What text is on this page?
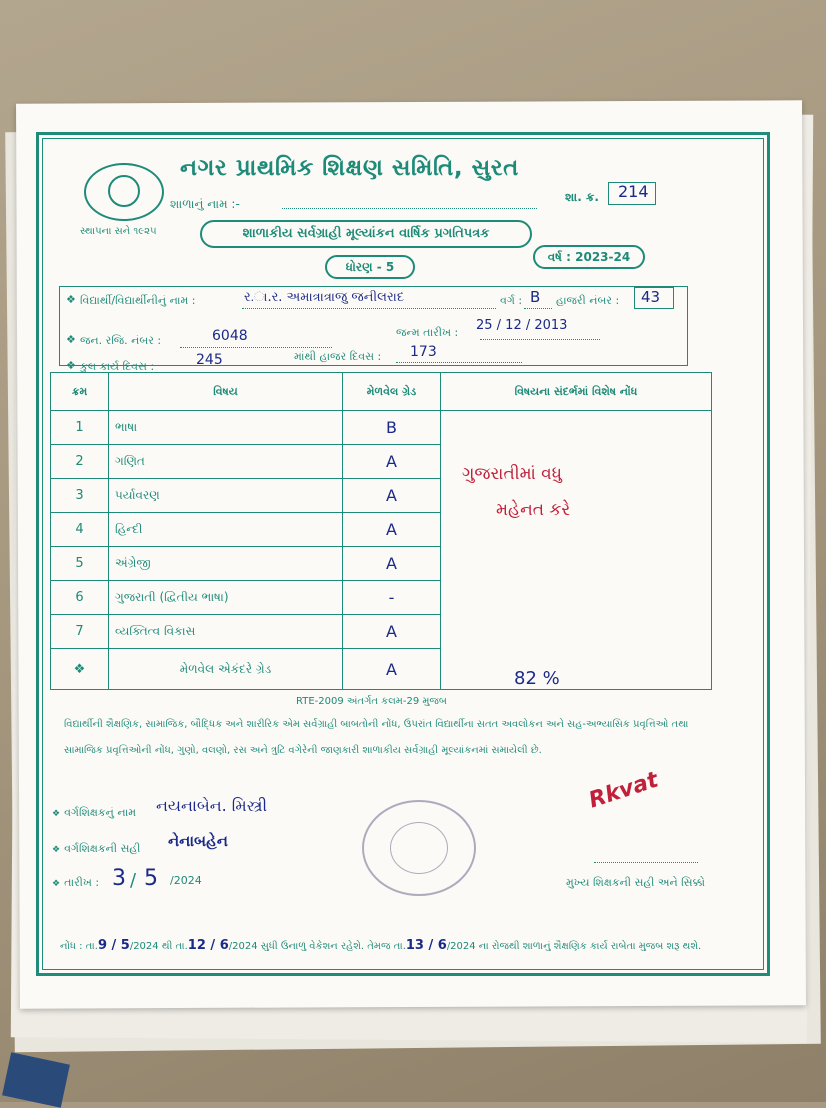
સ્થાપના સને ૧૯૨૫
નગર પ્રાથમિક શિક્ષણ સમિતિ, સુરત
શાળાનું નામ :-	શા. ક્ર. 214
શાળાકીય સર્વગ્રાહી મૂલ્યાંકન વાર્ષિક પ્રગતિપત્રક
ધોરણ - 5
વર્ષ : 2023-24
❖ વિદ્યાર્થી/વિદ્યાર્થીનીનું નામ :	ર.ા.ર. અમાત્રાત્રાજુ જનીલરાદ	વર્ગ : B હાજરી નંબર : 43
❖ જન. રજિ. નંબર :	6048	જન્મ તારીખ : 25 / 12 / 2013
❖ કુલ કાર્ય દિવસ :	245	માંથી હાજર દિવસ : 173
ક્રમ	વિષય	મેળવેલ ગ્રેડ	વિષયના સંદર્ભમાં વિશેષ નોંધ
1	ભાષા	B	
2	ગણિત	A	
3	પર્યાવરણ	A	
4	હિન્દી	A	
5	અંગ્રેજી	A	
6	ગુજરાતી (દ્વિતીય ભાષા)	-	
7	વ્યક્તિત્વ વિકાસ	A	
❖	મેળવેલ એકંદરે ગ્રેડ	A	
ગુજરાતીમાં વધુ
મહેનત કરે
82 %
RTE-2009 અંતર્ગત કલમ-29 મુજબ
વિદ્યાર્થીની શૈક્ષણિક, સામાજિક, બૌદ્ધિક અને શારીરિક એમ સર્વગ્રાહી બાબતોની નોંધ, ઉપરાંત વિદ્યાર્થીના સતત અવલોકન અને સહ-અભ્યાસિક પ્રવૃત્તિઓ તથા સામાજિક પ્રવૃત્તિઓની નોંધ, ગુણો, વલણો, રસ અને ત્રુટિ વગેરેની જાણકારી શાળાકીય સર્વગ્રાહી મૂલ્યાંકનમાં સમાયેલી છે.
❖ વર્ગશિક્ષકનું નામ નયનાબેન. મિસ્ત્રી
❖ વર્ગશિક્ષકની સહી નેનાબહેન
❖ તારીખ : 3 / 5 /2024
Rkvat
મુખ્ય શિક્ષકની સહી અને સિક્કો
નોંધ : તા.9 / 5/2024 થી તા.12 / 6/2024 સુધી ઉનાળુ વેકેશન રહેશે. તેમજ તા.13 / 6/2024 ના રોજથી શાળાનું શૈક્ષણિક કાર્ય રાબેતા મુજબ શરૂ થશે.
